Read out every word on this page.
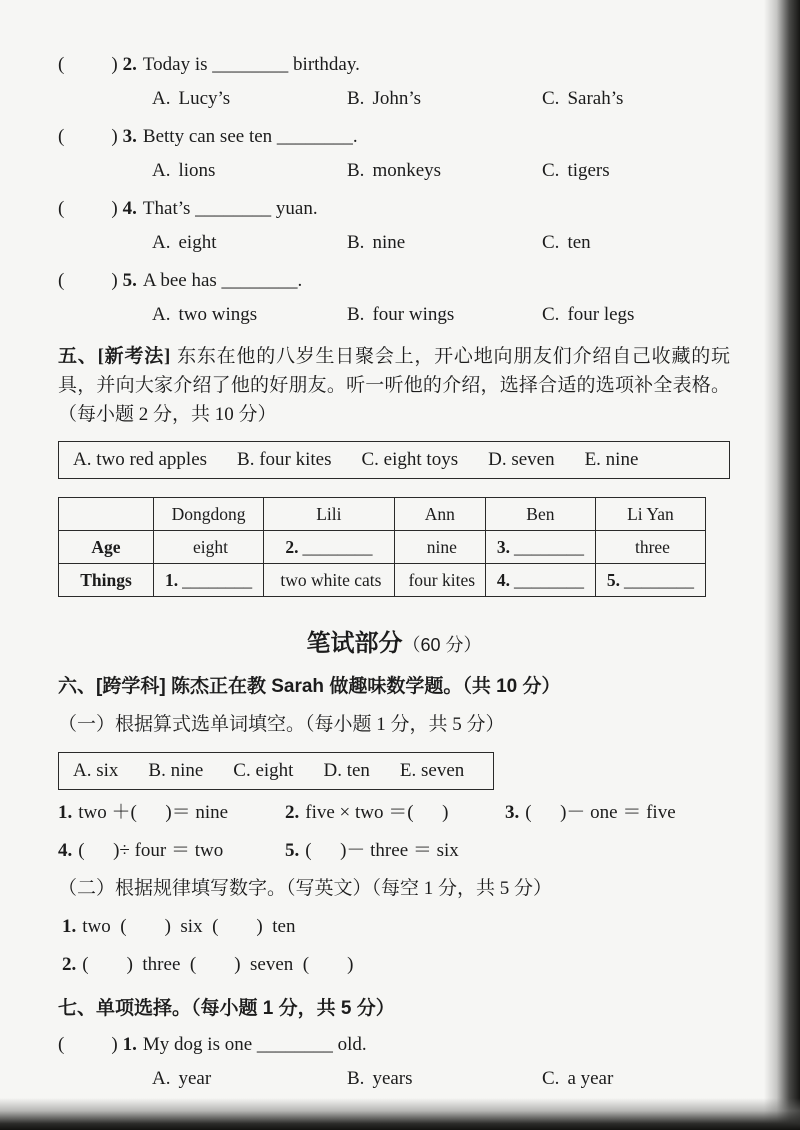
(        ) 2. Today is ________ birthday.
A. Lucy’s	B. John’s	C. Sarah’s
(        ) 3. Betty can see ten ________.
A. lions	B. monkeys	C. tigers
(        ) 4. That’s ________ yuan.
A. eight	B. nine	C. ten
(        ) 5. A bee has ________.
A. two wings	B. four wings	C. four legs
五、[新考法] 东东在他的八岁生日聚会上，开心地向朋友们介绍自己收藏的玩具，并向大家介绍了他的好朋友。听一听他的介绍，选择合适的选项补全表格。（每小题 2 分，共 10 分）
A. two red apples B. four kites C. eight toys D. seven E. nine
	Dongdong	Lili	Ann	Ben	Li Yan
Age	eight	2. ________	nine	3. ________	three
Things	1. ________	two white cats	four kites	4. ________	5. ________
笔试部分（60 分）
六、[跨学科] 陈杰正在教 Sarah 做趣味数学题。（共 10 分）
（一）根据算式选单词填空。（每小题 1 分，共 5 分）
A. six B. nine C. eight D. ten E. seven
1. two ＋(      )＝ nine	2. five × two ＝(      )	3. (      )－ one ＝ five
4. (      )÷ four ＝ two	5. (      )－ three ＝ six
（二）根据规律填写数字。（写英文）（每空 1 分，共 5 分）
1. two  (        )  six  (        )  ten
2. (        )  three  (        )  seven  (        )
七、单项选择。（每小题 1 分，共 5 分）
(        ) 1. My dog is one ________ old.
A. year	B. years	C. a year
